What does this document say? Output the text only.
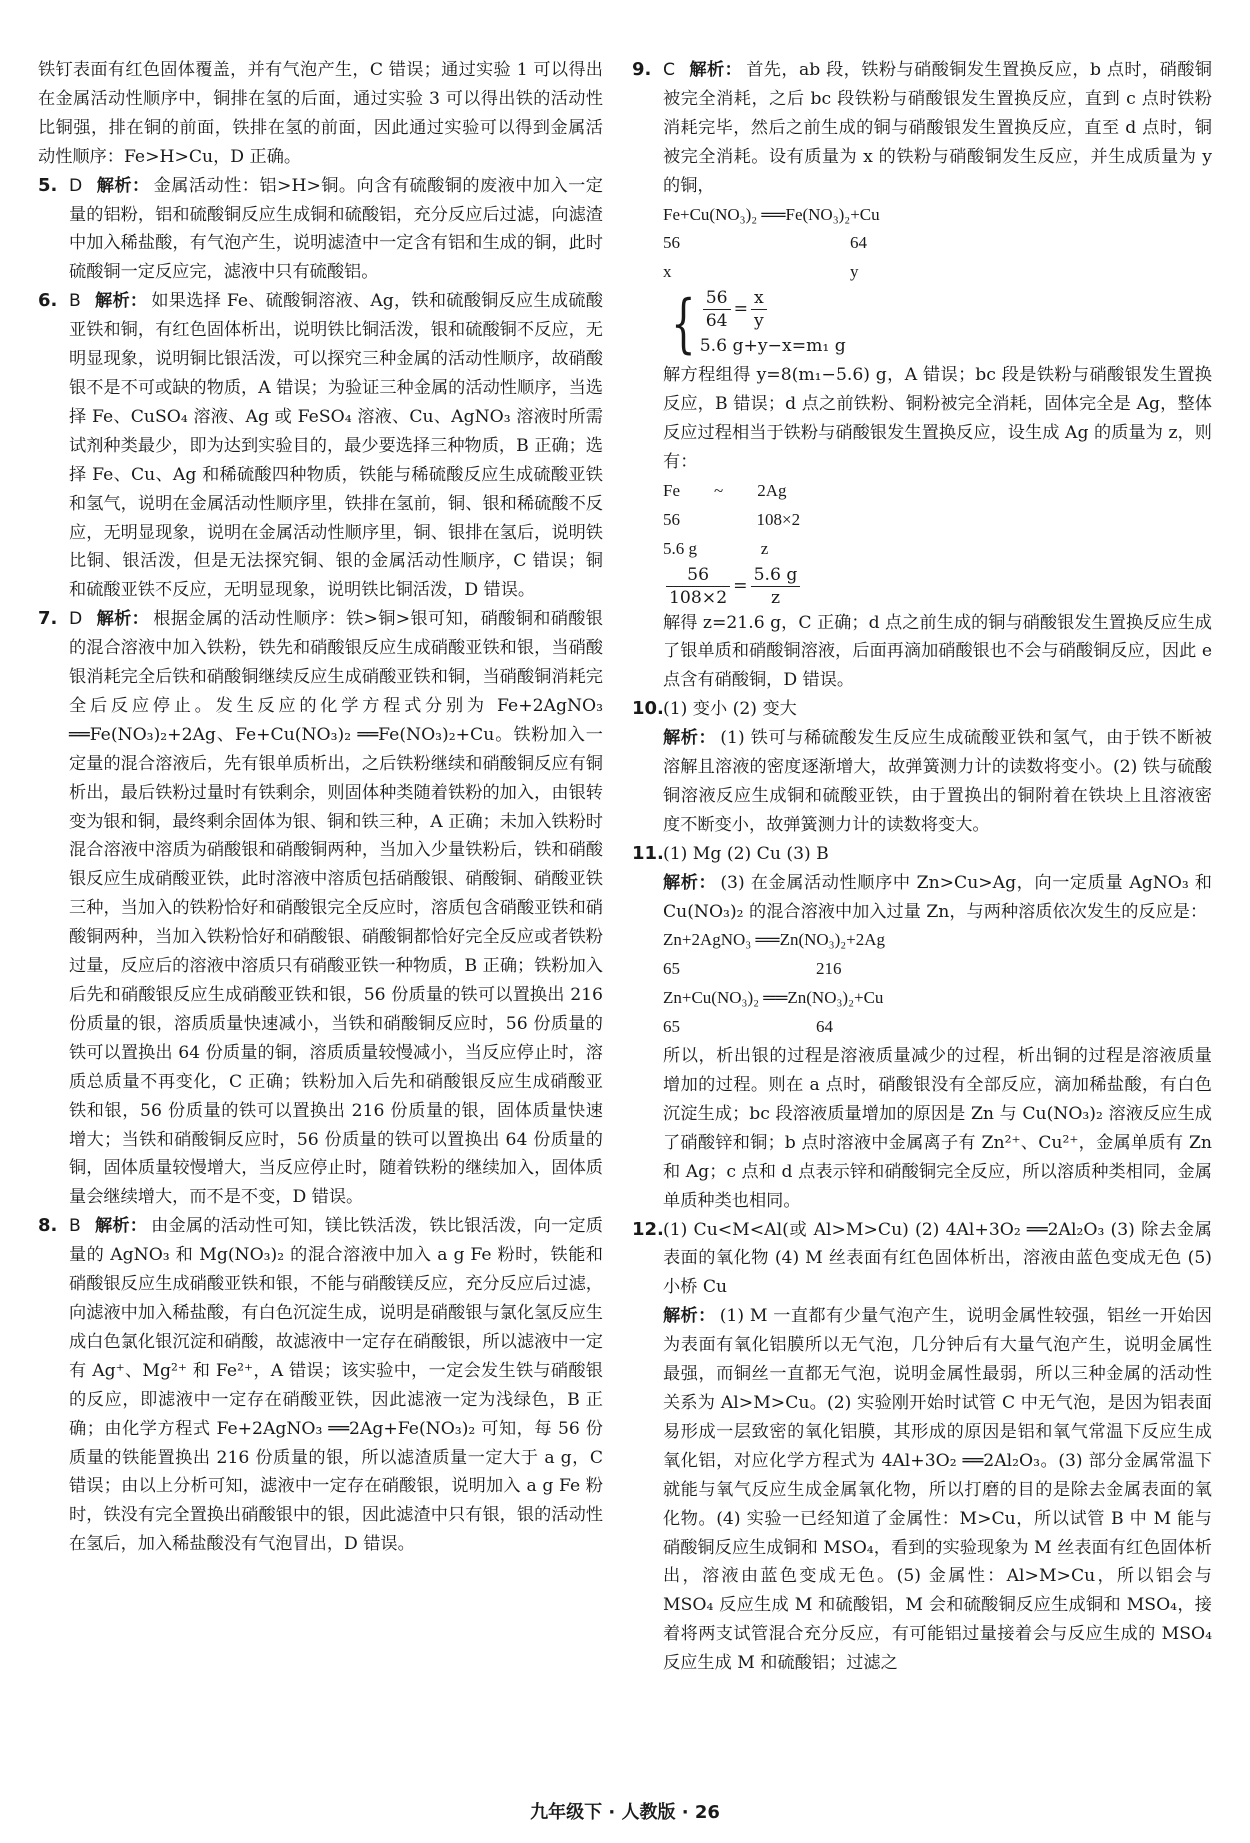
铁钉表面有红色固体覆盖，并有气泡产生，C 错误；通过实验 1 可以得出在金属活动性顺序中，铜排在氢的后面，通过实验 3 可以得出铁的活动性比铜强，排在铜的前面，铁排在氢的前面，因此通过实验可以得到金属活动性顺序：Fe>H>Cu，D 正确。

5. D 解析： 金属活动性：铝>H>铜。向含有硫酸铜的废液中加入一定量的铝粉，铝和硫酸铜反应生成铜和硫酸铝，充分反应后过滤，向滤渣中加入稀盐酸，有气泡产生，说明滤渣中一定含有铝和生成的铜，此时硫酸铜一定反应完，滤液中只有硫酸铝。

6. B 解析： 如果选择 Fe、硫酸铜溶液、Ag，铁和硫酸铜反应生成硫酸亚铁和铜，有红色固体析出，说明铁比铜活泼，银和硫酸铜不反应，无明显现象，说明铜比银活泼，可以探究三种金属的活动性顺序，故硝酸银不是不可或缺的物质，A 错误；为验证三种金属的活动性顺序，当选择 Fe、CuSO₄ 溶液、Ag 或 FeSO₄ 溶液、Cu、AgNO₃ 溶液时所需试剂种类最少，即为达到实验目的，最少要选择三种物质，B 正确；选择 Fe、Cu、Ag 和稀硫酸四种物质，铁能与稀硫酸反应生成硫酸亚铁和氢气，说明在金属活动性顺序里，铁排在氢前，铜、银和稀硫酸不反应，无明显现象，说明在金属活动性顺序里，铜、银排在氢后，说明铁比铜、银活泼，但是无法探究铜、银的金属活动性顺序，C 错误；铜和硫酸亚铁不反应，无明显现象，说明铁比铜活泼，D 错误。

7. D 解析： 根据金属的活动性顺序：铁>铜>银可知，硝酸铜和硝酸银的混合溶液中加入铁粉，铁先和硝酸银反应生成硝酸亚铁和银，当硝酸银消耗完全后铁和硝酸铜继续反应生成硝酸亚铁和铜，当硝酸铜消耗完全后反应停止。发生反应的化学方程式分别为 Fe+2AgNO₃ ══Fe(NO₃)₂+2Ag、Fe+Cu(NO₃)₂ ══Fe(NO₃)₂+Cu。铁粉加入一定量的混合溶液后，先有银单质析出，之后铁粉继续和硝酸铜反应有铜析出，最后铁粉过量时有铁剩余，则固体种类随着铁粉的加入，由银转变为银和铜，最终剩余固体为银、铜和铁三种，A 正确；未加入铁粉时混合溶液中溶质为硝酸银和硝酸铜两种，当加入少量铁粉后，铁和硝酸银反应生成硝酸亚铁，此时溶液中溶质包括硝酸银、硝酸铜、硝酸亚铁三种，当加入的铁粉恰好和硝酸银完全反应时，溶质包含硝酸亚铁和硝酸铜两种，当加入铁粉恰好和硝酸银、硝酸铜都恰好完全反应或者铁粉过量，反应后的溶液中溶质只有硝酸亚铁一种物质，B 正确；铁粉加入后先和硝酸银反应生成硝酸亚铁和银，56 份质量的铁可以置换出 216 份质量的银，溶质质量快速减小，当铁和硝酸铜反应时，56 份质量的铁可以置换出 64 份质量的铜，溶质质量较慢减小，当反应停止时，溶质总质量不再变化，C 正确；铁粉加入后先和硝酸银反应生成硝酸亚铁和银，56 份质量的铁可以置换出 216 份质量的银，固体质量快速增大；当铁和硝酸铜反应时，56 份质量的铁可以置换出 64 份质量的铜，固体质量较慢增大，当反应停止时，随着铁粉的继续加入，固体质量会继续增大，而不是不变，D 错误。

8. B 解析： 由金属的活动性可知，镁比铁活泼，铁比银活泼，向一定质量的 AgNO₃ 和 Mg(NO₃)₂ 的混合溶液中加入 a g Fe 粉时，铁能和硝酸银反应生成硝酸亚铁和银，不能与硝酸镁反应，充分反应后过滤，向滤液中加入稀盐酸，有白色沉淀生成，说明是硝酸银与氯化氢反应生成白色氯化银沉淀和硝酸，故滤液中一定存在硝酸银，所以滤液中一定有 Ag⁺、Mg²⁺ 和 Fe²⁺，A 错误；该实验中，一定会发生铁与硝酸银的反应，即滤液中一定存在硝酸亚铁，因此滤液一定为浅绿色，B 正确；由化学方程式 Fe+2AgNO₃ ══2Ag+Fe(NO₃)₂ 可知，每 56 份质量的铁能置换出 216 份质量的银，所以滤渣质量一定大于 a g，C 错误；由以上分析可知，滤液中一定存在硝酸银，说明加入 a g Fe 粉时，铁没有完全置换出硝酸银中的银，因此滤渣中只有银，银的活动性在氢后，加入稀盐酸没有气泡冒出，D 错误。

9. C 解析： 首先，ab 段，铁粉与硝酸铜发生置换反应，b 点时，硝酸铜被完全消耗，之后 bc 段铁粉与硝酸银发生置换反应，直到 c 点时铁粉消耗完毕，然后之前生成的铜与硝酸银发生置换反应，直至 d 点时，铜被完全消耗。设有质量为 x 的铁粉与硝酸铜发生反应，并生成质量为 y 的铜，

Fe+Cu(NO₃)₂ ══Fe(NO₃)₂+Cu
56                                        64
x                                          y
{ $\frac{56}{64} = \frac{x}{y}$
5.6 g+y−x=m₁ g

解方程组得 y=8(m₁−5.6) g，A 错误；bc 段是铁粉与硝酸银发生置换反应，B 错误；d 点之前铁粉、铜粉被完全消耗，固体完全是 Ag，整体反应过程相当于铁粉与硝酸银发生置换反应，设生成 Ag 的质量为 z，则有：

Fe        ~        2Ag
56                  108×2
5.6 g               z
$\frac{56}{108\times 2} = \frac{5.6 g}{z}$

解得 z=21.6 g，C 正确；d 点之前生成的铜与硝酸银发生置换反应生成了银单质和硝酸铜溶液，后面再滴加硝酸银也不会与硝酸铜反应，因此 e 点含有硝酸铜，D 错误。

10. (1) 变小 (2) 变大

解析： (1) 铁可与稀硫酸发生反应生成硫酸亚铁和氢气，由于铁不断被溶解且溶液的密度逐渐增大，故弹簧测力计的读数将变小。(2) 铁与硫酸铜溶液反应生成铜和硫酸亚铁，由于置换出的铜附着在铁块上且溶液密度不断变小，故弹簧测力计的读数将变大。

11. (1) Mg (2) Cu (3) B

解析： (3) 在金属活动性顺序中 Zn>Cu>Ag，向一定质量 AgNO₃ 和 Cu(NO₃)₂ 的混合溶液中加入过量 Zn，与两种溶质依次发生的反应是：

Zn+2AgNO₃ ══Zn(NO₃)₂+2Ag
65                                216
Zn+Cu(NO₃)₂ ══Zn(NO₃)₂+Cu
65                                64

所以，析出银的过程是溶液质量减少的过程，析出铜的过程是溶液质量增加的过程。则在 a 点时，硝酸银没有全部反应，滴加稀盐酸，有白色沉淀生成；bc 段溶液质量增加的原因是 Zn 与 Cu(NO₃)₂ 溶液反应生成了硝酸锌和铜；b 点时溶液中金属离子有 Zn²⁺、Cu²⁺，金属单质有 Zn 和 Ag；c 点和 d 点表示锌和硝酸铜完全反应，所以溶质种类相同，金属单质种类也相同。

12. (1) Cu<M<Al(或 Al>M>Cu) (2) 4Al+3O₂ ══2Al₂O₃ (3) 除去金属表面的氧化物 (4) M 丝表面有红色固体析出，溶液由蓝色变成无色 (5) 小桥 Cu

解析： (1) M 一直都有少量气泡产生，说明金属性较强，铝丝一开始因为表面有氧化铝膜所以无气泡，几分钟后有大量气泡产生，说明金属性最强，而铜丝一直都无气泡，说明金属性最弱，所以三种金属的活动性关系为 Al>M>Cu。(2) 实验刚开始时试管 C 中无气泡，是因为铝表面易形成一层致密的氧化铝膜，其形成的原因是铝和氧气常温下反应生成氧化铝，对应化学方程式为 4Al+3O₂ ══2Al₂O₃。(3) 部分金属常温下就能与氧气反应生成金属氧化物，所以打磨的目的是除去金属表面的氧化物。(4) 实验一已经知道了金属性：M>Cu，所以试管 B 中 M 能与硝酸铜反应生成铜和 MSO₄，看到的实验现象为 M 丝表面有红色固体析出，溶液由蓝色变成无色。(5) 金属性：Al>M>Cu，所以铝会与 MSO₄ 反应生成 M 和硫酸铝，M 会和硫酸铜反应生成铜和 MSO₄，接着将两支试管混合充分反应，有可能铝过量接着会与反应生成的 MSO₄ 反应生成 M 和硫酸铝；过滤之

九年级下 · 人教版 · 26
